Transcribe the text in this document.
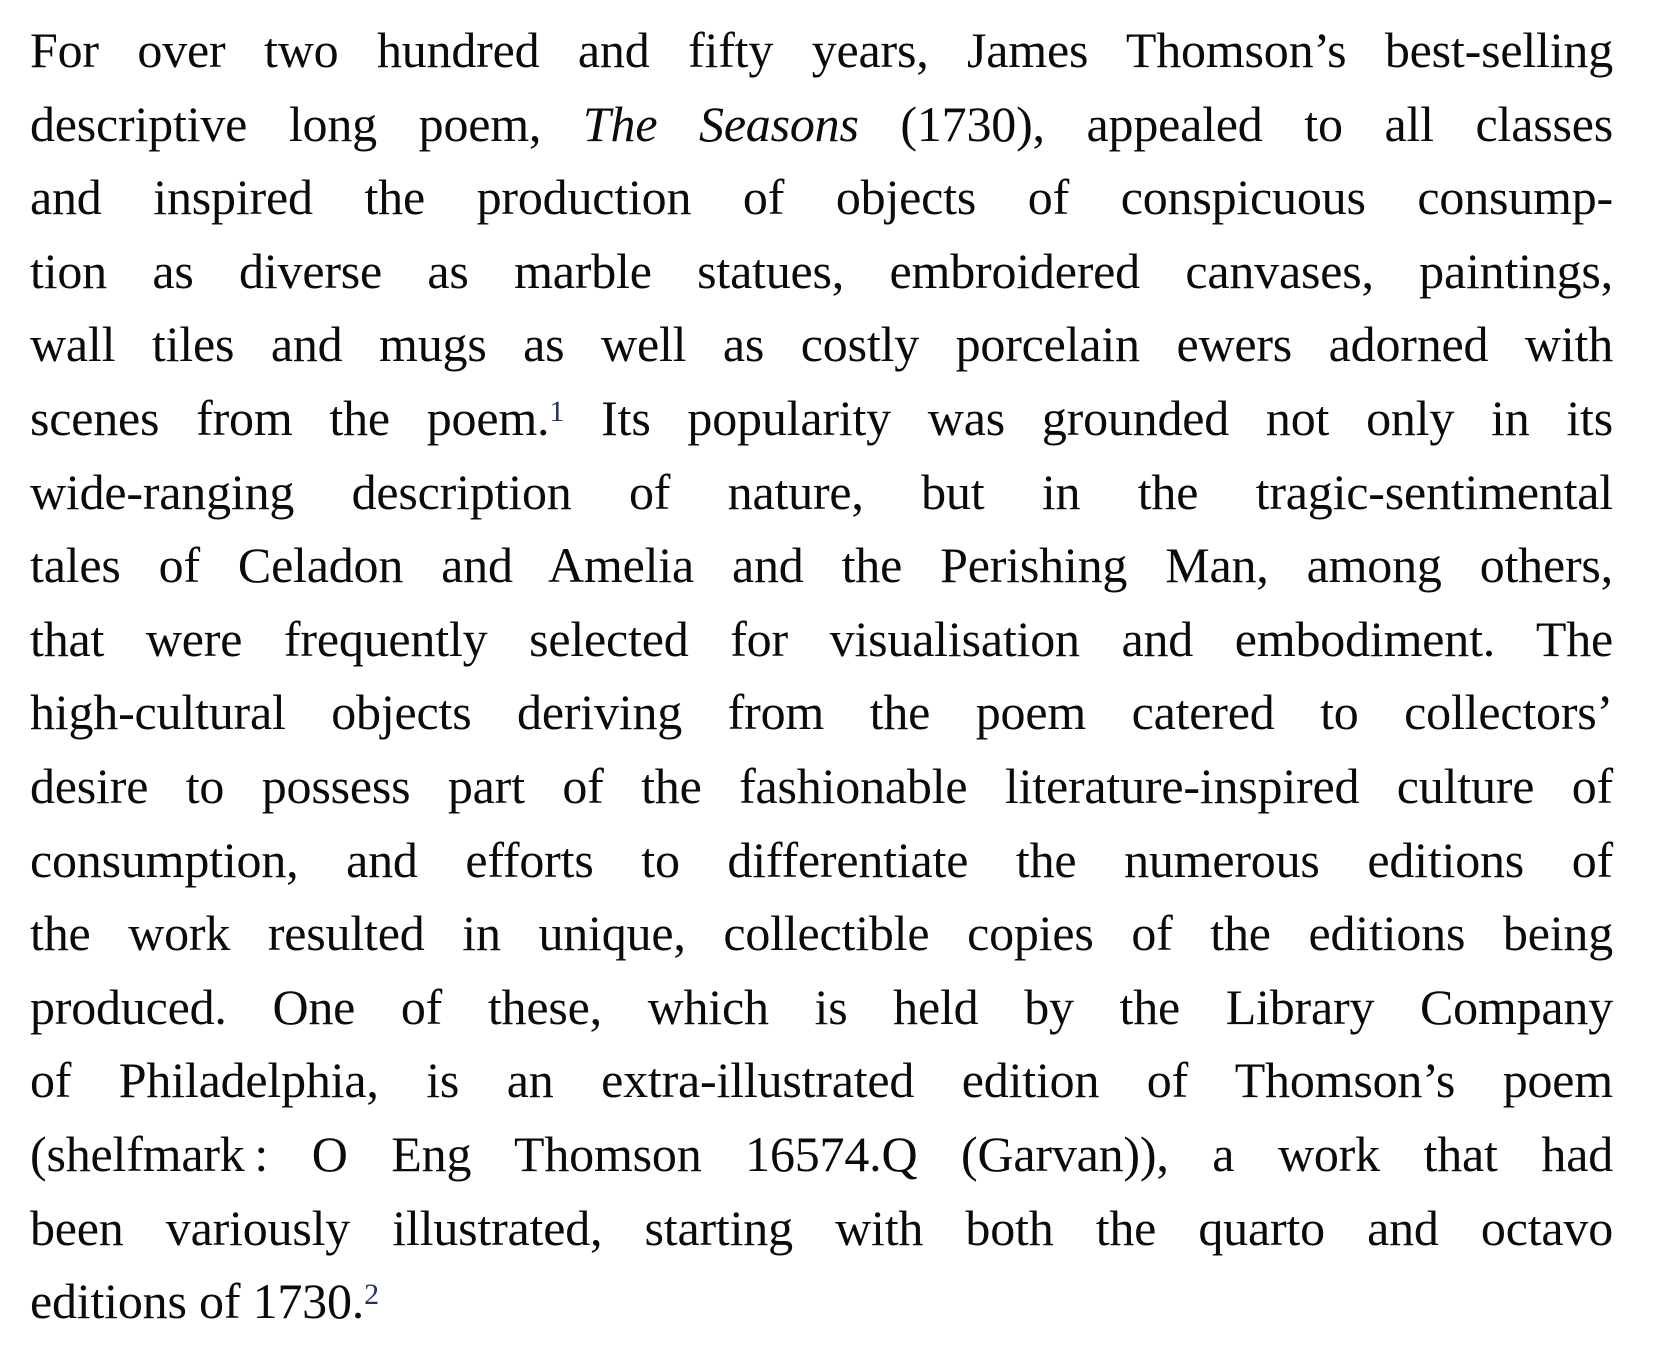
For over two hundred and fifty years, James Thomson’s best-selling
descriptive long poem, The Seasons (1730), appealed to all classes
and inspired the production of objects of conspicuous consump-
tion as diverse as marble statues, embroidered canvases, paintings,
wall tiles and mugs as well as costly porcelain ewers adorned with
scenes from the poem.$^1$ Its popularity was grounded not only in its
wide-ranging description of nature, but in the tragic-sentimental
tales of Celadon and Amelia and the Perishing Man, among others,
that were frequently selected for visualisation and embodiment. The
high-cultural objects deriving from the poem catered to collectors’
desire to possess part of the fashionable literature-inspired culture of
consumption, and efforts to differentiate the numerous editions of
the work resulted in unique, collectible copies of the editions being
produced. One of these, which is held by the Library Company
of Philadelphia, is an extra-illustrated edition of Thomson’s poem
(shelfmark : O Eng Thomson 16574.Q (Garvan)), a work that had
been variously illustrated, starting with both the quarto and octavo
editions of 1730.$^2$
